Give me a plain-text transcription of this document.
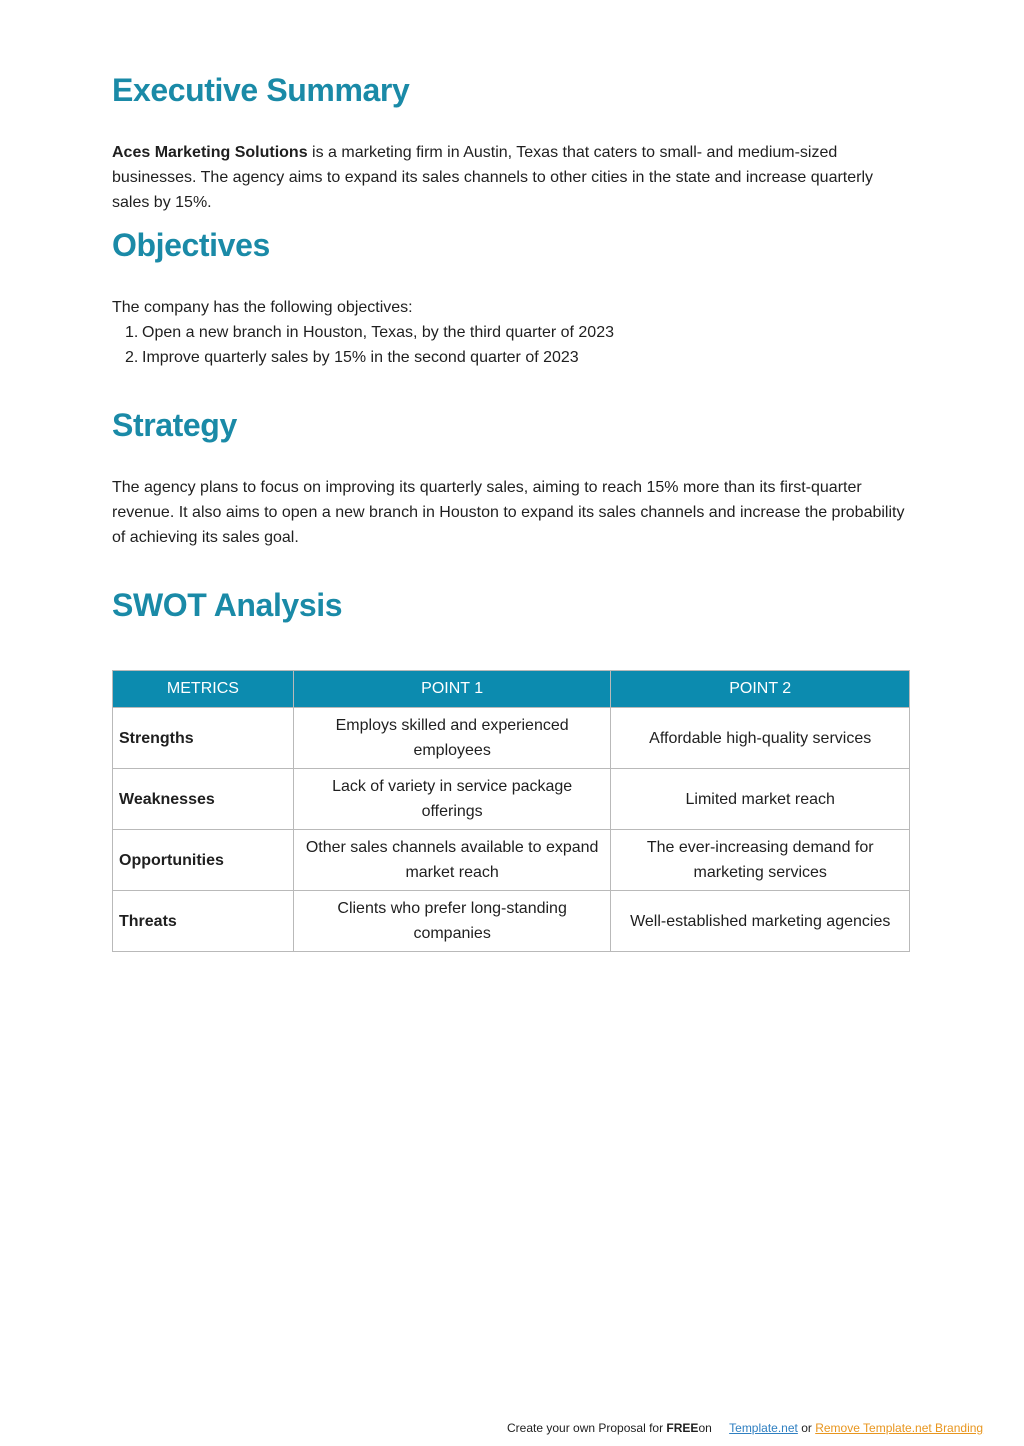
Executive Summary

Aces Marketing Solutions is a marketing firm in Austin, Texas that caters to small- and medium-sized businesses. The agency aims to expand its sales channels to other cities in the state and increase quarterly sales by 15%.

Objectives

The company has the following objectives:

1. Open a new branch in Houston, Texas, by the third quarter of 2023
2. Improve quarterly sales by 15% in the second quarter of 2023
Strategy

The agency plans to focus on improving its quarterly sales, aiming to reach 15% more than its first-quarter revenue. It also aims to open a new branch in Houston to expand its sales channels and increase the probability of achieving its sales goal.

SWOT Analysis
METRICS	POINT 1	POINT 2
Strengths	Employs skilled and experienced employees	Affordable high-quality services
Weaknesses	Lack of variety in service package offerings	Limited market reach
Opportunities	Other sales channels available to expand market reach	The ever-increasing demand for marketing services
Threats	Clients who prefer long-standing companies	Well-established marketing agencies
Create your own Proposal for FREEon Template.net or Remove Template.net Branding
